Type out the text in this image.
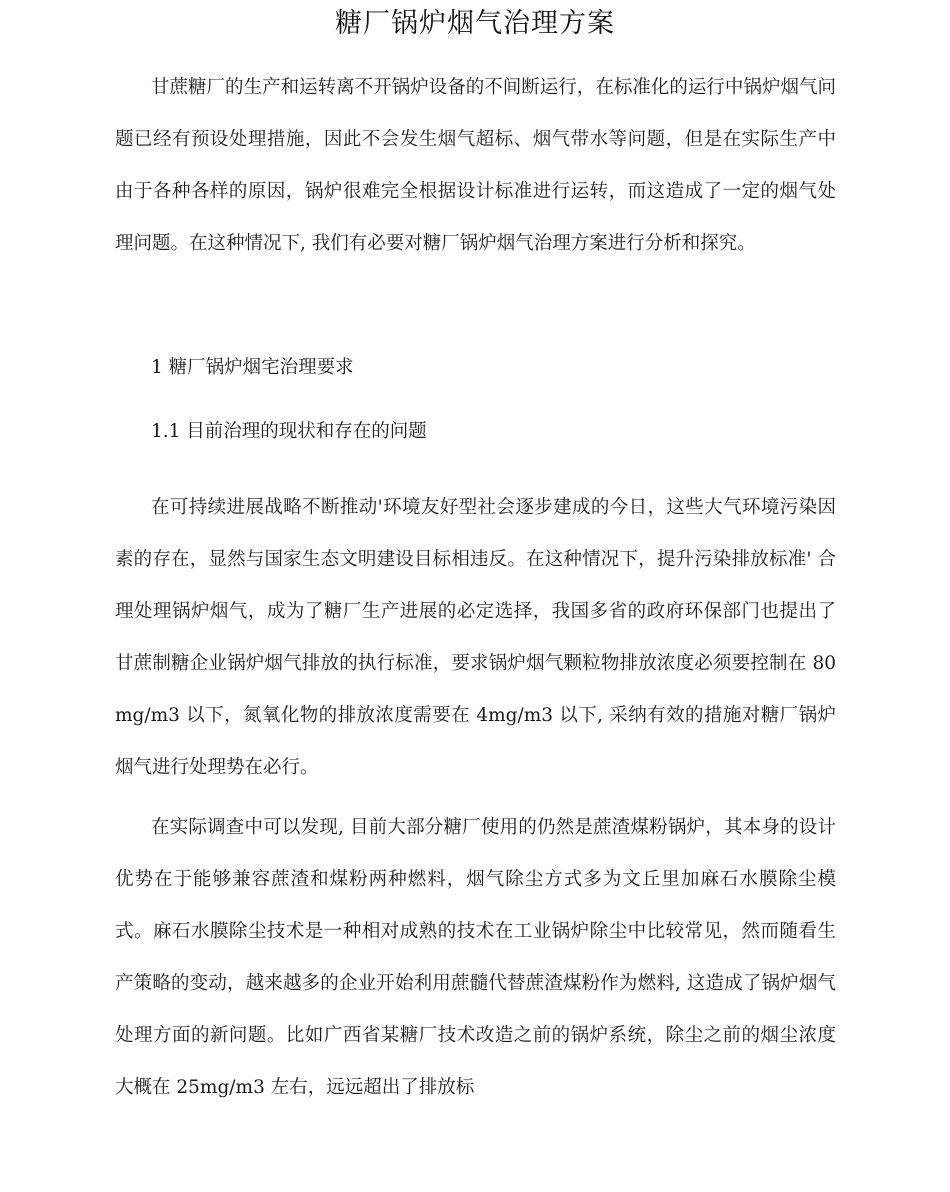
糖厂锅炉烟气治理方案

甘蔗糖厂的生产和运转离不开锅炉设备的不间断运行，在标准化的运行中锅炉烟气问题已经有预设处理措施，因此不会发生烟气超标、烟气带水等问题，但是在实际生产中由于各种各样的原因，锅炉很难完全根据设计标准进行运转，而这造成了一定的烟气处理问题。在这种情况下, 我们有必要对糖厂锅炉烟气治理方案进行分析和探究。

1 糖厂锅炉烟宅治理要求

1.1 目前治理的现状和存在的问题

在可持续进展战略不断推动'环境友好型社会逐步建成的今日，这些大气环境污染因素的存在，显然与国家生态文明建设目标相违反。在这种情况下，提升污染排放标准' 合理处理锅炉烟气，成为了糖厂生产进展的必定选择，我国多省的政府环保部门也提出了甘蔗制糖企业锅炉烟气排放的执行标准，要求锅炉烟气颗粒物排放浓度必须要控制在 80mg/m3 以下，氮氧化物的排放浓度需要在 4mg/m3 以下, 采纳有效的措施对糖厂锅炉烟气进行处理势在必行。

在实际调查中可以发现, 目前大部分糖厂使用的仍然是蔗渣煤粉锅炉，其本身的设计优势在于能够兼容蔗渣和煤粉两种燃料，烟气除尘方式多为文丘里加麻石水膜除尘模式。麻石水膜除尘技术是一种相对成熟的技术在工业锅炉除尘中比较常见，然而随看生产策略的变动，越来越多的企业开始利用蔗髓代替蔗渣煤粉作为燃料, 这造成了锅炉烟气处理方面的新问题。比如广西省某糖厂技术改造之前的锅炉系统，除尘之前的烟尘浓度大概在 25mg/m3 左右，远远超出了排放标
